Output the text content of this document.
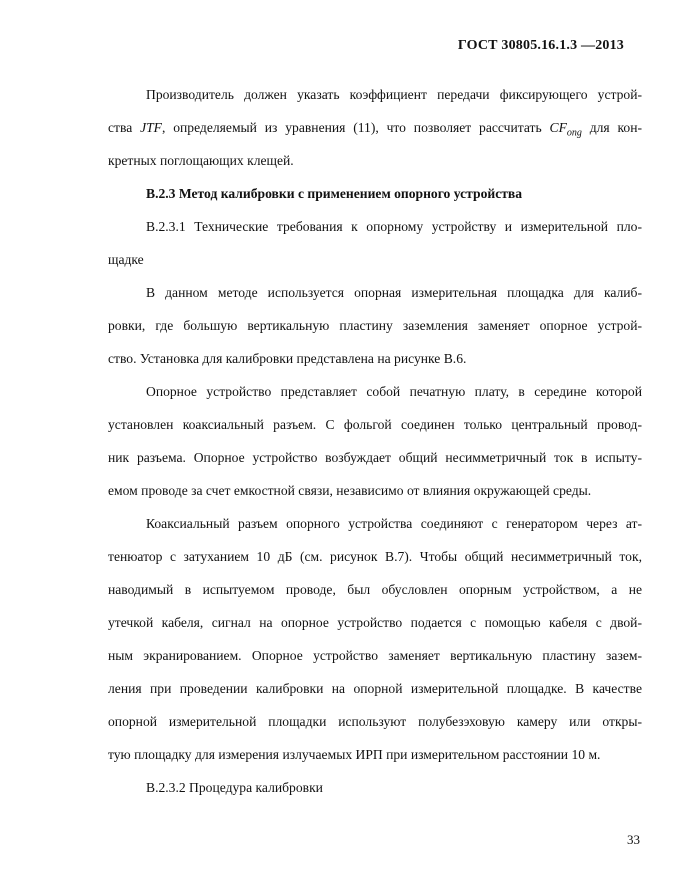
ГОСТ 30805.16.1.3 —2013
Производитель должен указать коэффициент передачи фиксирующего устрой-
ства JTF, определяемый из уравнения (11), что позволяет рассчитать $CF_{ong}$ для кон-
кретных поглощающих клещей.
В.2.3 Метод калибровки с применением опорного устройства
В.2.3.1 Технические требования к опорному устройству и измерительной пло-
щадке
В данном методе используется опорная измерительная площадка для калиб-
ровки, где большую вертикальную пластину заземления заменяет опорное устрой-
ство. Установка для калибровки представлена на рисунке В.6.
Опорное устройство представляет собой печатную плату, в середине которой
установлен коаксиальный разъем. С фольгой соединен только центральный провод-
ник разъема. Опорное устройство возбуждает общий несимметричный ток в испыту-
емом проводе за счет емкостной связи, независимо от влияния окружающей среды.
Коаксиальный разъем опорного устройства соединяют с генератором через ат-
тенюатор с затуханием 10 дБ (см. рисунок В.7). Чтобы общий несимметричный ток,
наводимый в испытуемом проводе, был обусловлен опорным устройством, а не
утечкой кабеля, сигнал на опорное устройство подается с помощью кабеля с двой-
ным экранированием. Опорное устройство заменяет вертикальную пластину зазем-
ления при проведении калибровки на опорной измерительной площадке. В качестве
опорной измерительной площадки используют полубезэховую камеру или откры-
тую площадку для измерения излучаемых ИРП при измерительном расстоянии 10 м.
В.2.3.2 Процедура калибровки
33
